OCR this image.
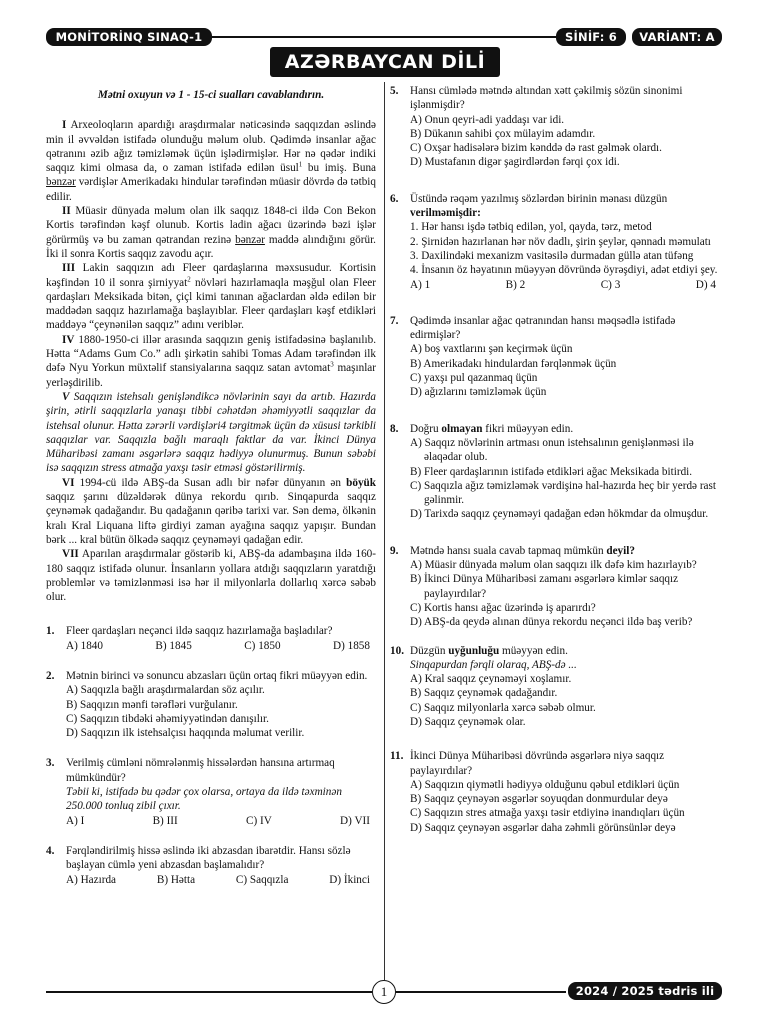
MONİTORİNQ SINAQ-1	SİNİF: 6	VARİANT: A
AZƏRBAYCAN DİLİ
Mətni oxuyun və 1 - 15-ci sualları cavablandırın.
I Arxeoloqların apardığı araşdırmalar nəticəsində saqqızdan əslində min il əvvəldən istifadə olunduğu məlum olub. Qədimdə insanlar ağac qətranını əzib ağız təmizləmək üçün işlədirmişlər. Hər nə qədər indiki saqqız kimi olmasa da, o zaman istifadə edilən üsul$^1$ bu imiş. Buna bənzər vərdişlər Amerikadakı hindular tərəfindən müasir dövrdə də tətbiq edilir.
II Müasir dünyada məlum olan ilk saqqız 1848-ci ildə Con Bekon Kortis tərəfindən kəşf olunub. Kortis ladin ağacı üzərində bəzi işlər görürmüş və bu zaman qətrandan rezinə bənzər maddə alındığını görür. İki il sonra Kortis saqqız zavodu açır.
III Lakin saqqızın adı Fleer qardaşlarına məxsusudur. Kortisin kəşfindən 10 il sonra şirniyyat$^2$ növləri hazırlamaqla məşğul olan Fleer qardaşları Meksikada bitən, çiçl kimi tanınan ağaclardan əldə edilən bir maddədən saqqız hazırlamağa başlayıblar. Fleer qardaşları kəşf etdikləri maddəyə “çeynənilən saqqız” adını veriblər.
IV 1880-1950-ci illər arasında saqqızın geniş istifadəsinə başlanılıb. Hətta “Adams Gum Co.” adlı şirkətin sahibi Tomas Adam tərəfindən ilk dəfə Nyu Yorkun müxtəlif stansiyalarına saqqız satan avtomat$^3$ maşınlar yerləşdirilib.
V Saqqızın istehsalı genişləndikcə növlərinin sayı da artıb. Hazırda şirin, ətirli saqqızlarla yanaşı tibbi cəhətdən əhəmiyyətli saqqızlar da istehsal olunur. Hətta zərərli vərdişləri4 tərgitmək üçün də xüsusi tərkibli saqqızlar var. Saqqızla bağlı maraqlı faktlar da var. İkinci Dünya Müharibəsi zamanı əsgərlərə saqqız hədiyyə olunurmuş. Bunun səbəbi isə saqqızın stress atmağa yaxşı təsir etməsi göstərilirmiş.
VI 1994-cü ildə ABŞ-da Susan adlı bir nəfər dünyanın ən böyük saqqız şarını düzəldərək dünya rekordu qırıb. Sinqapurda saqqız çeynəmək qadağandır. Bu qadağanın qəribə tarixi var. Sən demə, ölkənin kralı Kral Liquana liftə girdiyi zaman ayağına saqqız yapışır. Bundan bərk ... kral bütün ölkədə saqqız çeynəməyi qadağan edir.
VII Aparılan araşdırmalar göstərib ki, ABŞ-da adambaşına ildə 160-180 saqqız istifadə olunur. İnsanların yollara atdığı saqqızların yaratdığı problemlər və təmizlənməsi isə hər il milyonlarla dollarlıq xərcə səbəb olur.
1.	Fleer qardaşları neçənci ildə saqqız hazırlamağa başladılar?
A) 1840	B) 1845	C) 1850	D) 1858
2.	Mətnin birinci və sonuncu abzasları üçün ortaq fikri müəyyən edin.
A) Saqqızla bağlı araşdırmalardan söz açılır.
B) Saqqızın mənfi tərəfləri vurğulanır.
C) Saqqızın tibdəki əhəmiyyətindən danışılır.
D) Saqqızın ilk istehsalçısı haqqında məlumat verilir.
3.	Verilmiş cümləni nömrələnmiş hissələrdən hansına artırmaq mümkündür?
Təbii ki, istifadə bu qədər çox olarsa, ortaya da ildə təxminən 250.000 tonluq zibil çıxır.
A) I	B) III	C) IV	D) VII
4.	Fərqləndirilmiş hissə əslində iki abzasdan ibarətdir. Hansı sözlə başlayan cümlə yeni abzasdan başlamalıdır?
A) Hazırda	B) Hətta	C) Saqqızla	D) İkinci
5.	Hansı cümlədə mətndə altından xətt çəkilmiş sözün sinonimi işlənmişdir?
A) Onun qeyri-adi yaddaşı var idi.
B) Dükanın sahibi çox mülayim adamdır.
C) Oxşar hadisələrə bizim kənddə də rast gəlmək olardı.
D) Mustafanın digər şagirdlərdən fərqi çox idi.
6.	Üstündə rəqəm yazılmış sözlərdən birinin mənası düzgün verilməmişdir:
1. Hər hansı işdə tətbiq edilən, yol, qayda, tərz, metod
2. Şirnidən hazırlanan hər növ dadlı, şirin şeylər, qənnadı məmulatı
3. Daxilindəki mexanizm vasitəsilə durmadan güllə atan tüfəng
4. İnsanın öz həyatının müəyyən dövründə öyrəşdiyi, adət etdiyi şey.
A) 1	B) 2	C) 3	D) 4
7.	Qədimdə insanlar ağac qətranından hansı məqsədlə istifadə edirmişlər?
A) boş vaxtlarını şən keçirmək üçün
B) Amerikadakı hindulardan fərqlənmək üçün
C) yaxşı pul qazanmaq üçün
D) ağızlarını təmizləmək üçün
8.	Doğru olmayan fikri müəyyən edin.
A) Saqqız növlərinin artması onun istehsalının genişlənməsi ilə əlaqədar olub.
B) Fleer qardaşlarının istifadə etdikləri ağac Meksikada bitirdi.
C) Saqqızla ağız təmizləmək vərdişinə hal-hazırda heç bir yerdə rast gəlinmir.
D) Tarixdə saqqız çeynəməyi qadağan edən hökmdar da olmuşdur.
9.	Mətndə hansı suala cavab tapmaq mümkün deyil?
A) Müasir dünyada məlum olan saqqızı ilk dəfə kim hazırlayıb?
B) İkinci Dünya Müharibəsi zamanı əsgərlərə kimlər saqqız paylayırdılar?
C) Kortis hansı ağac üzərində iş aparırdı?
D) ABŞ-da qeydə alınan dünya rekordu neçənci ildə baş verib?
10. Düzgün uyğunluğu müəyyən edin.
Sinqapurdan fərqli olaraq, ABŞ-də ...
A) Kral saqqız çeynəməyi xoşlamır.
B) Saqqız çeynəmək qadağandır.
C) Saqqız milyonlarla xərcə səbəb olmur.
D) Saqqız çeynəmək olar.
11. İkinci Dünya Müharibəsi dövründə əsgərlərə niyə saqqız paylayırdılar?
A) Saqqızın qiymətli hədiyyə olduğunu qəbul etdikləri üçün
B) Saqqız çeynəyən əsgərlər soyuqdan donmurdular deyə
C) Saqqızın stres atmağa yaxşı təsir etdiyinə inandıqları üçün
D) Saqqız çeynəyən əsgərlər daha zəhmli görünsünlər deyə
1	2024 / 2025 tədris ili
